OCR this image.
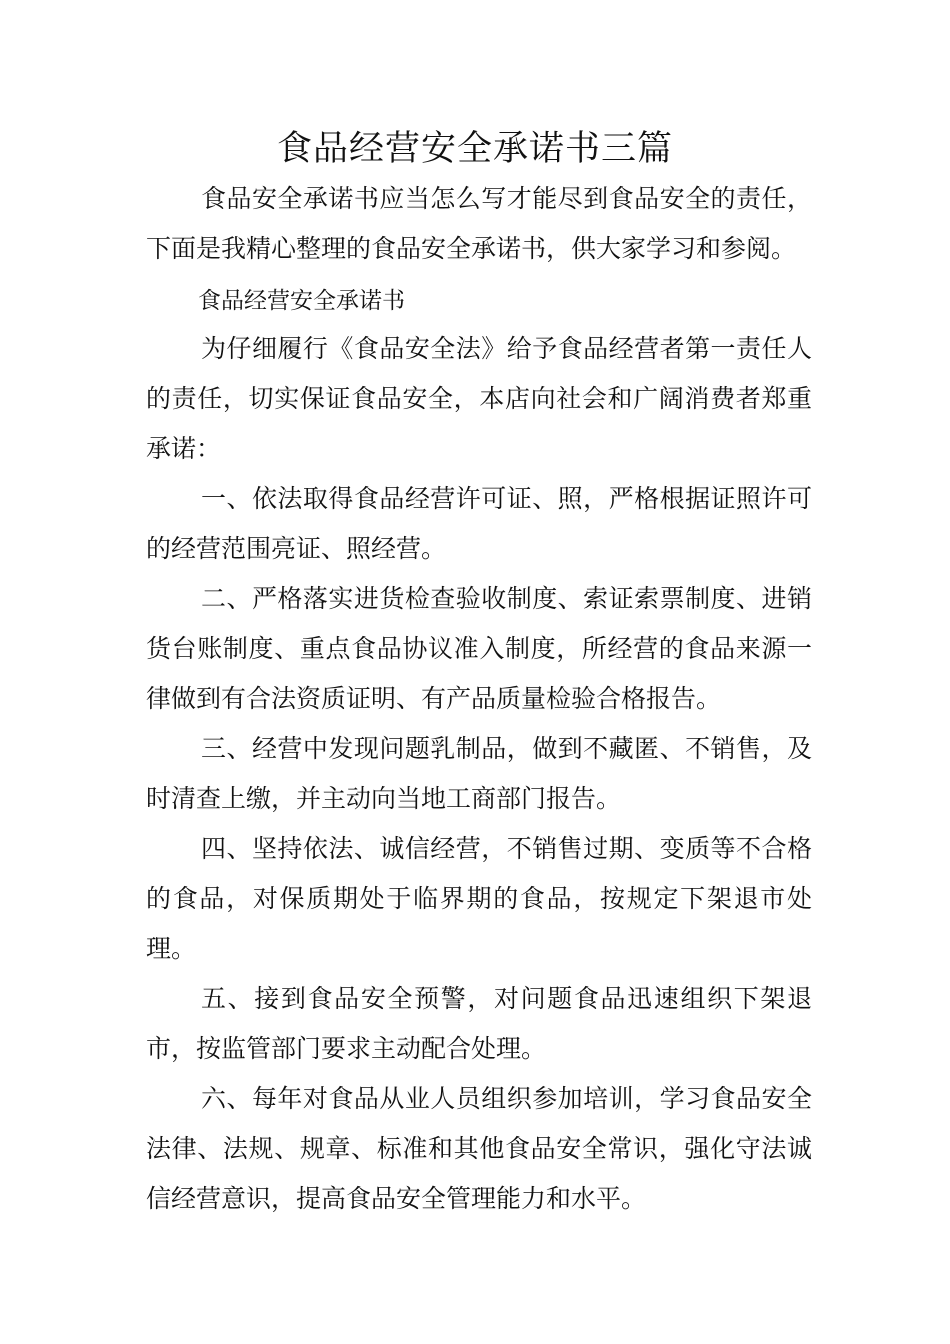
食品经营安全承诺书三篇

食品安全承诺书应当怎么写才能尽到食品安全的责任，下面是我精心整理的食品安全承诺书，供大家学习和参阅。

食品经营安全承诺书

为仔细履行《食品安全法》给予食品经营者第一责任人的责任，切实保证食品安全，本店向社会和广阔消费者郑重承诺：

一、依法取得食品经营许可证、照，严格根据证照许可的经营范围亮证、照经营。

二、严格落实进货检查验收制度、索证索票制度、进销货台账制度、重点食品协议准入制度，所经营的食品来源一律做到有合法资质证明、有产品质量检验合格报告。

三、经营中发现问题乳制品，做到不藏匿、不销售，及时清查上缴，并主动向当地工商部门报告。

四、坚持依法、诚信经营，不销售过期、变质等不合格的食品，对保质期处于临界期的食品，按规定下架退市处理。

五、接到食品安全预警，对问题食品迅速组织下架退市，按监管部门要求主动配合处理。

六、每年对食品从业人员组织参加培训，学习食品安全法律、法规、规章、标准和其他食品安全常识，强化守法诚信经营意识，提高食品安全管理能力和水平。
